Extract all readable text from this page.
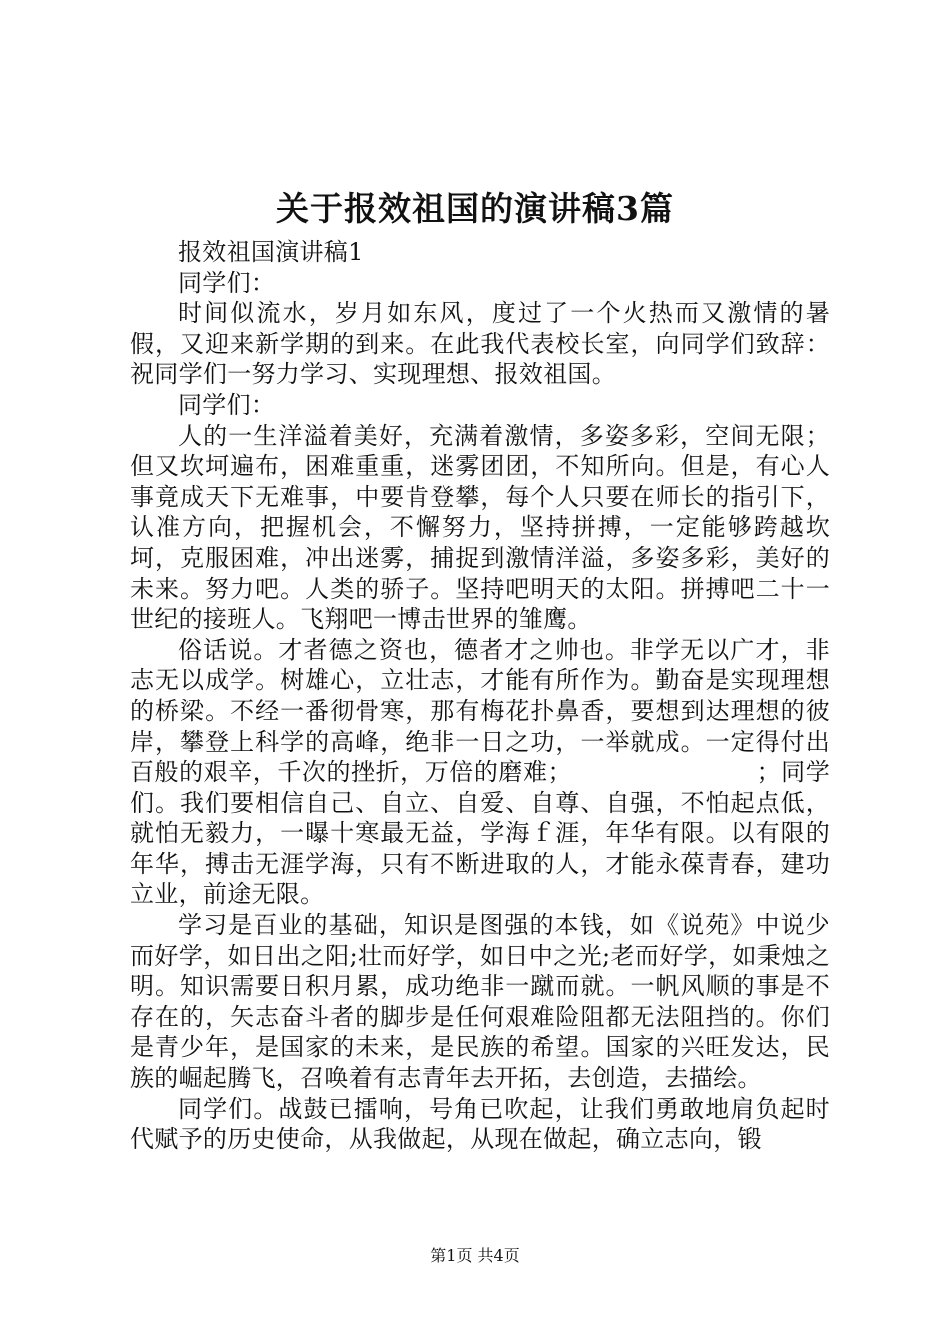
关于报效祖国的演讲稿3篇

报效祖国演讲稿1

同学们：

时间似流水，岁月如东风，度过了一个火热而又激情的暑假，又迎来新学期的到来。在此我代表校长室，向同学们致辞：祝同学们一努力学习、实现理想、报效祖国。

同学们：

人的一生洋溢着美好，充满着激情，多姿多彩，空间无限；但又坎坷遍布，困难重重，迷雾团团，不知所向。但是，有心人事竟成天下无难事，中要肯登攀，每个人只要在师长的指引下，认准方向，把握机会，不懈努力，坚持拼搏，一定能够跨越坎坷，克服困难，冲出迷雾，捕捉到激情洋溢，多姿多彩，美好的未来。努力吧。人类的骄子。坚持吧明天的太阳。拼搏吧二十一世纪的接班人。飞翔吧一博击世界的雏鹰。

俗话说。才者德之资也，德者才之帅也。非学无以广才，非志无以成学。树雄心，立壮志，才能有所作为。勤奋是实现理想的桥梁。不经一番彻骨寒，那有梅花扑鼻香，要想到达理想的彼岸，攀登上科学的高峰，绝非一日之功，一举就成。一定得付出百般的艰辛，千次的挫折，万倍的磨难；　　　　　　　　；同学们。我们要相信自己、自立、自爱、自尊、自强，不怕起点低，就怕无毅力，一曝十寒最无益，学海ｆ涯，年华有限。以有限的年华，搏击无涯学海，只有不断进取的人，才能永葆青春，建功立业，前途无限。

学习是百业的基础，知识是图强的本钱，如《说苑》中说少而好学，如日出之阳;壮而好学，如日中之光;老而好学，如秉烛之明。知识需要日积月累，成功绝非一蹴而就。一帆风顺的事是不存在的，矢志奋斗者的脚步是任何艰难险阻都无法阻挡的。你们是青少年，是国家的未来，是民族的希望。国家的兴旺发达，民族的崛起腾飞，召唤着有志青年去开拓，去创造，去描绘。

同学们。战鼓已擂响，号角已吹起，让我们勇敢地肩负起时代赋予的历史使命，从我做起，从现在做起，确立志向，锻

第1页 共4页
